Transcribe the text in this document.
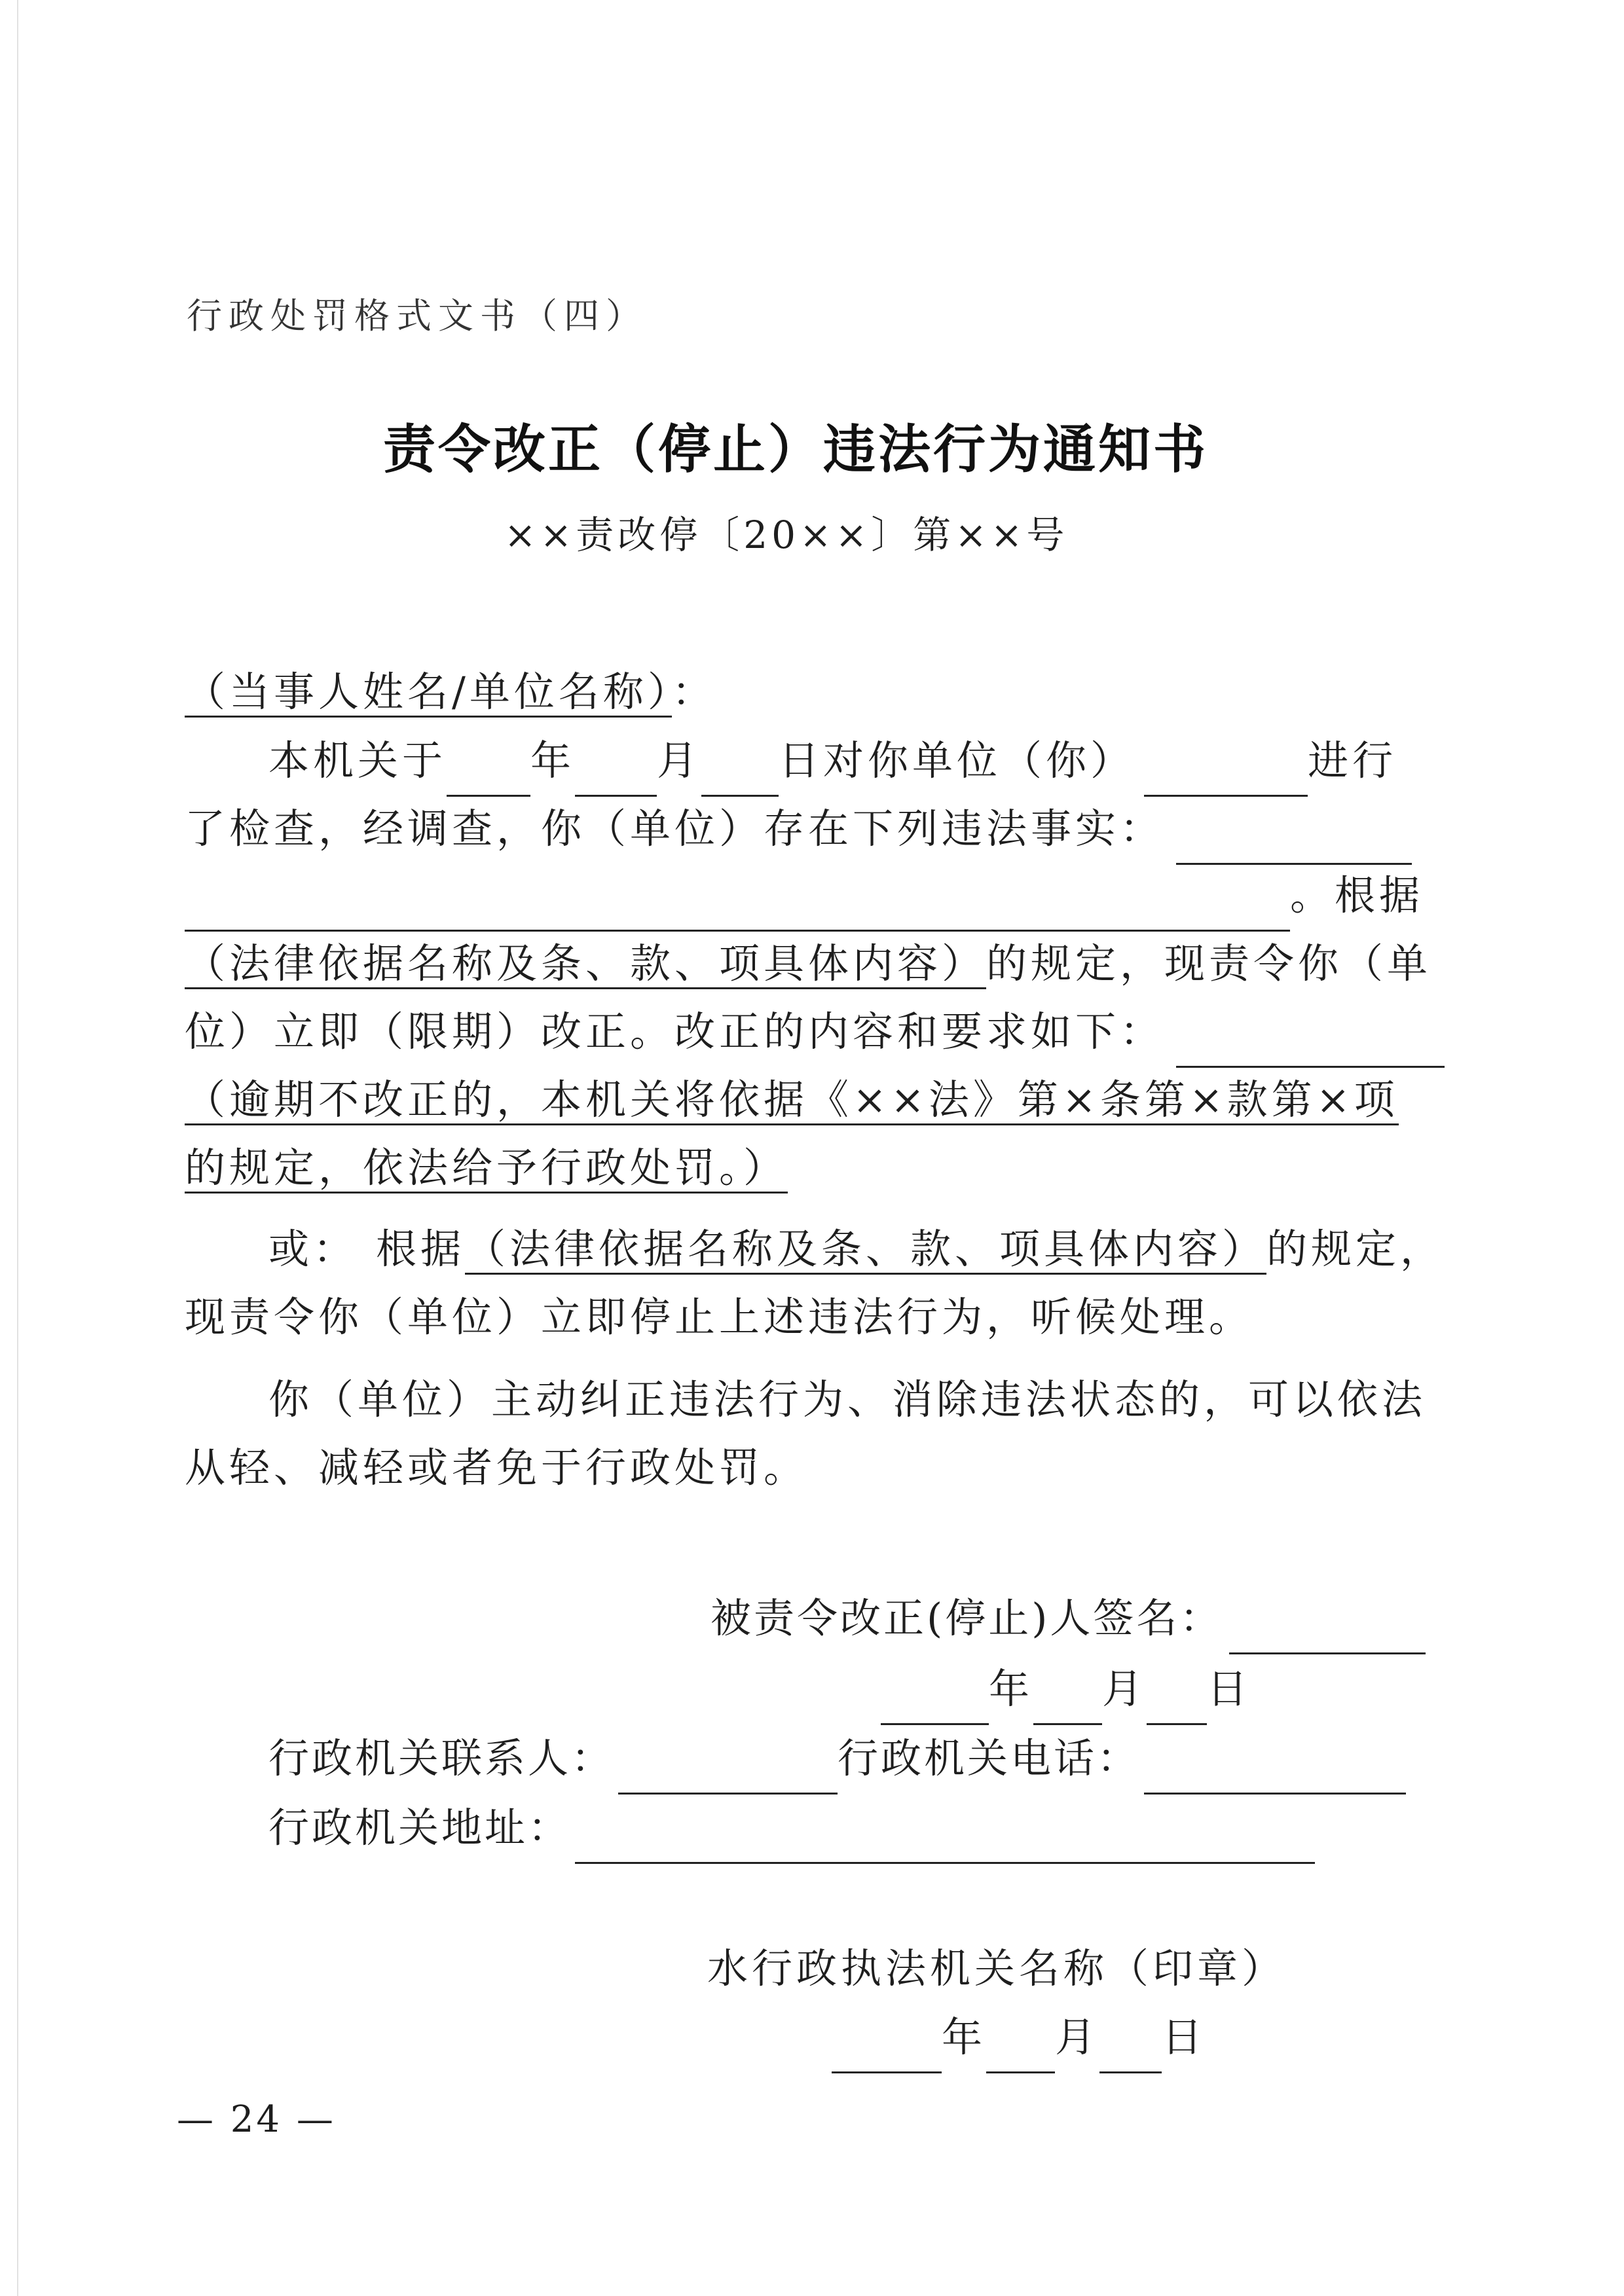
行政处罚格式文书（四）
责令改正（停止）违法行为通知书
××责改停〔20××〕第××号
（当事人姓名/单位名称）：
本机关于 年 月 日对你单位（你）	进行
了检查，经调查，你（单位）存在下列违法事实：
。根据
（法律依据名称及条、款、项具体内容）的规定，现责令你（单
位）立即（限期）改正。改正的内容和要求如下：
（逾期不改正的，本机关将依据《××法》第×条第×款第×项
的规定，依法给予行政处罚。）
或： 根据（法律依据名称及条、款、项具体内容）的规定，
现责令你（单位）立即停止上述违法行为，听候处理。
你（单位）主动纠正违法行为、消除违法状态的，可以依法
从轻、减轻或者免于行政处罚。
被责令改正(停止)人签名：
年 月 日
行政机关联系人：	行政机关电话：
行政机关地址：
水行政执法机关名称（印章）
年 月 日
— 24 —
